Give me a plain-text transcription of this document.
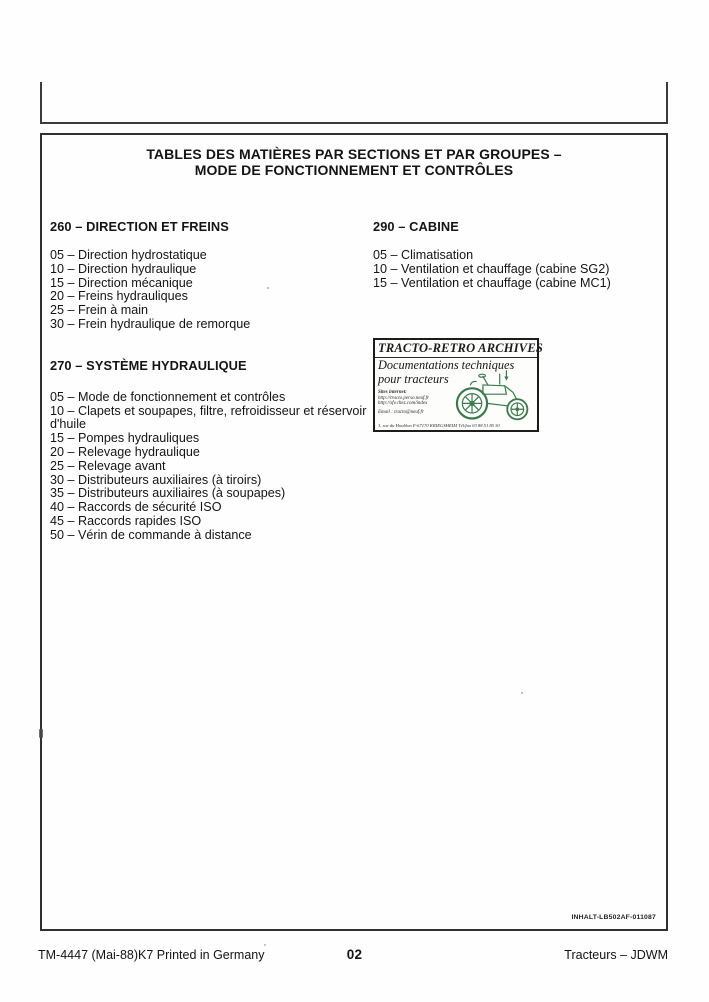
TABLES DES MATIÈRES PAR SECTIONS ET PAR GROUPES –
MODE DE FONCTIONNEMENT ET CONTRÔLES
260 – DIRECTION ET FREINS
05 – Direction hydrostatique
10 – Direction hydraulique
15 – Direction mécanique
20 – Freins hydrauliques
25 – Frein à main
30 – Frein hydraulique de remorque
270 – SYSTÈME HYDRAULIQUE
05 – Mode de fonctionnement et contrôles
10 – Clapets et soupapes, filtre, refroidisseur et réservoir d'huile
15 – Pompes hydrauliques
20 – Relevage hydraulique
25 – Relevage avant
30 – Distributeurs auxiliaires (à tiroirs)
35 – Distributeurs auxiliaires (à soupapes)
40 – Raccords de sécurité ISO
45 – Raccords rapides ISO
50 – Vérin de commande à distance
290 – CABINE
05 – Climatisation
10 – Ventilation et chauffage (cabine SG2)
15 – Ventilation et chauffage (cabine MC1)
TRACTO-RETRO ARCHIVES
Documentations techniques
pour tracteurs
Sites internet:
http://tracto.perso.neuf.fr
http://sfv.chez.com/index
Email : tracto@neuf.fr
3, rue du Houblon F-67170 KRIEGSHEIM Tél/fax 03 88 51 85 30
INHALT-LB502AF-011087
TM-4447 (Mai-88)K7 Printed in Germany	02	Tracteurs – JDWM
